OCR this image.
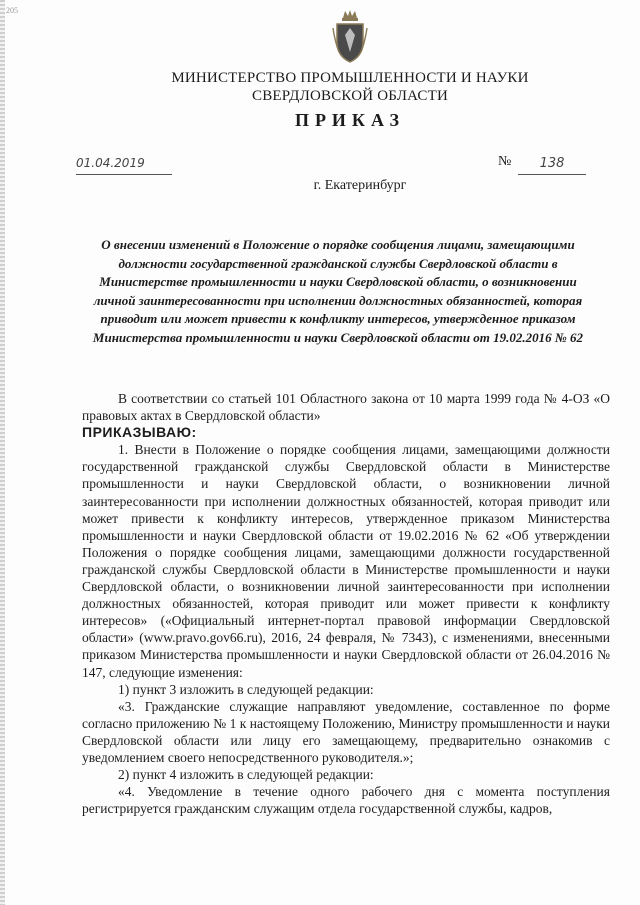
205
МИНИСТЕРСТВО ПРОМЫШЛЕННОСТИ И НАУКИ
СВЕРДЛОВСКОЙ ОБЛАСТИ
ПРИКАЗ
01.04.2019	№	138
г. Екатеринбург
О внесении изменений в Положение о порядке сообщения лицами, замещающими должности государственной гражданской службы Свердловской области в Министерстве промышленности и науки Свердловской области, о возникновении личной заинтересованности при исполнении должностных обязанностей, которая приводит или может привести к конфликту интересов, утвержденное приказом Министерства промышленности и науки Свердловской области от 19.02.2016 № 62

В соответствии со статьей 101 Областного закона от 10 марта 1999 года № 4-ОЗ «О правовых актах в Свердловской области»

ПРИКАЗЫВАЮ:

1. Внести в Положение о порядке сообщения лицами, замещающими должности государственной гражданской службы Свердловской области в Министерстве промышленности и науки Свердловской области, о возникновении личной заинтересованности при исполнении должностных обязанностей, которая приводит или может привести к конфликту интересов, утвержденное приказом Министерства промышленности и науки Свердловской области от 19.02.2016 № 62 «Об утверждении Положения о порядке сообщения лицами, замещающими должности государственной гражданской службы Свердловской области в Министерстве промышленности и науки Свердловской области, о возникновении личной заинтересованности при исполнении должностных обязанностей, которая приводит или может привести к конфликту интересов» («Официальный интернет-портал правовой информации Свердловской области» (www.pravo.gov66.ru), 2016, 24 февраля, № 7343), с изменениями, внесенными приказом Министерства промышленности и науки Свердловской области от 26.04.2016 № 147, следующие изменения:

1) пункт 3 изложить в следующей редакции:

«3. Гражданские служащие направляют уведомление, составленное по форме согласно приложению № 1 к настоящему Положению, Министру промышленности и науки Свердловской области или лицу его замещающему, предварительно ознакомив с уведомлением своего непосредственного руководителя.»;

2) пункт 4 изложить в следующей редакции:

«4. Уведомление в течение одного рабочего дня с момента поступления регистрируется гражданским служащим отдела государственной службы, кадров,
